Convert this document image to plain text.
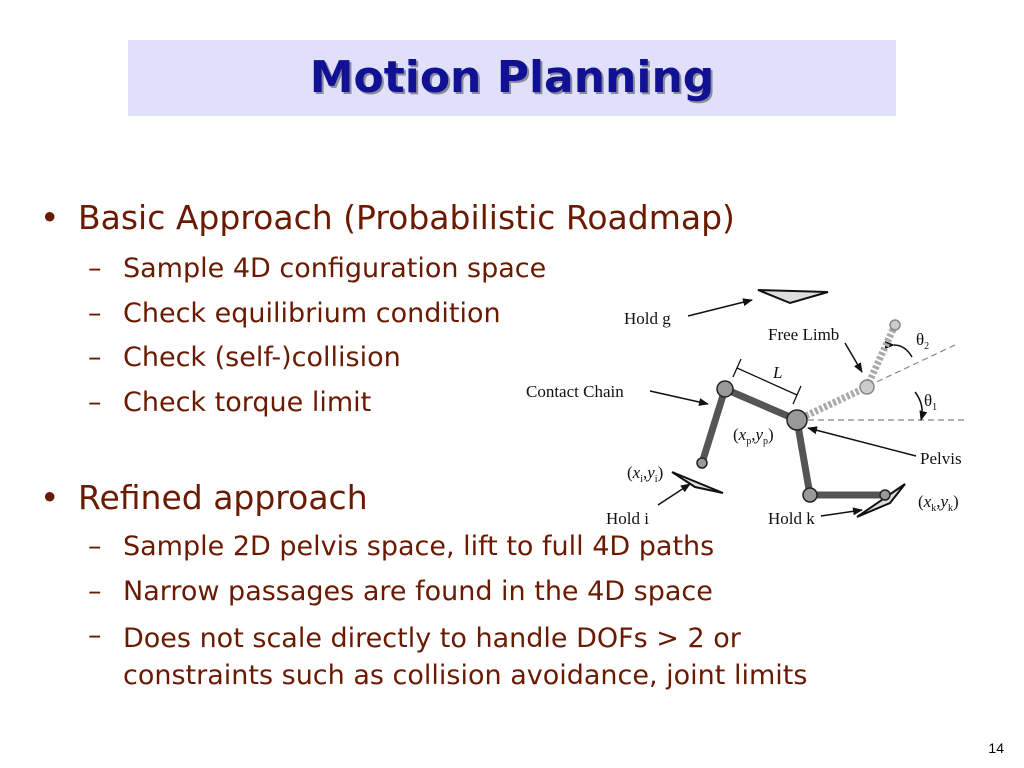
Motion Planning
• Basic Approach (Probabilistic Roadmap)
– Sample 4D configuration space
– Check equilibrium condition
– Check (self-)collision
– Check torque limit
• Refined approach
– Sample 2D pelvis space, lift to full 4D paths
– Narrow passages are found in the 4D space
– Does not scale directly to handle DOFs > 2 or constraints such as collision avoidance, joint limits
Hold g
Free Limb
Contact Chain
Pelvis
Hold i	Hold k
L
$\theta_2$
$\theta_1$
$(x_p,y_p)$
$(x_i,y_i)$
$(x_k,y_k)$
14
